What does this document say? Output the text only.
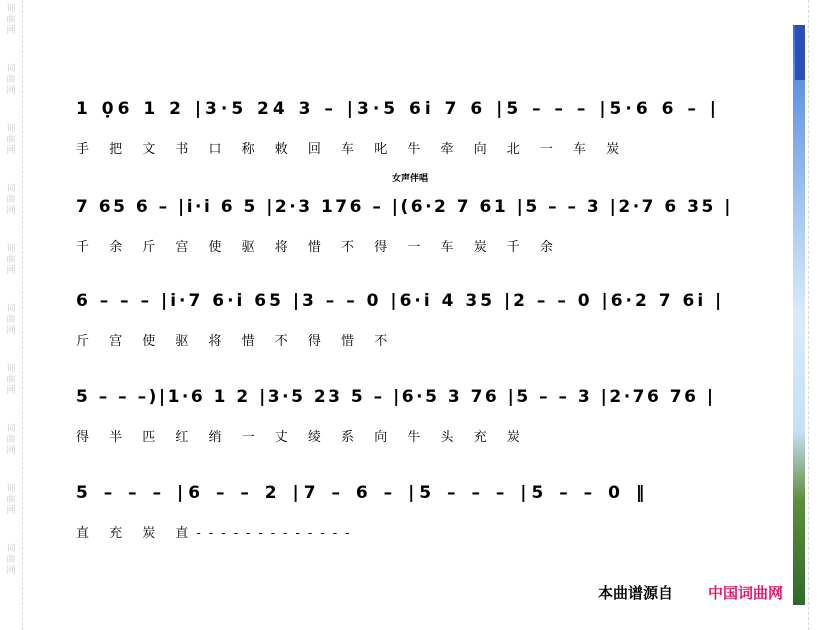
词曲网
词曲网
词曲网
词曲网
词曲网
词曲网
词曲网
词曲网
词曲网
词曲网
1 0̣6 1 2 |3·5 24 3 – |3·5 6i 7 6 |5 – – – |5·6 6 – |
手 把 文 书 口 称 敕 回 车 叱 牛 牵 向 北 一 车 炭
女声伴唱
7 65 6 – |i·i 6 5 |2·3 176 – |(6·2 7 61 |5 – – 3 |2·7 6 35 |
千 余 斤 宫 使 驱 将 惜 不 得 一 车 炭 千 余
6 – – – |i·7 6·i 65 |3 – – 0 |6·i 4 35 |2 – – 0 |6·2 7 6i |
斤 宫 使 驱 将 惜 不 得 惜 不
5 – – –)|1·6 1 2 |3·5 23 5 – |6·5 3 76 |5 – – 3 |2·76 76 |
得 半 匹 红 绡 一 丈 绫 系 向 牛 头 充 炭
5 – – – |6 – – 2 |7 – 6 – |5 – – – |5 – – 0 ‖
直 充 炭 直-------------
本曲谱源自 中国词曲网
